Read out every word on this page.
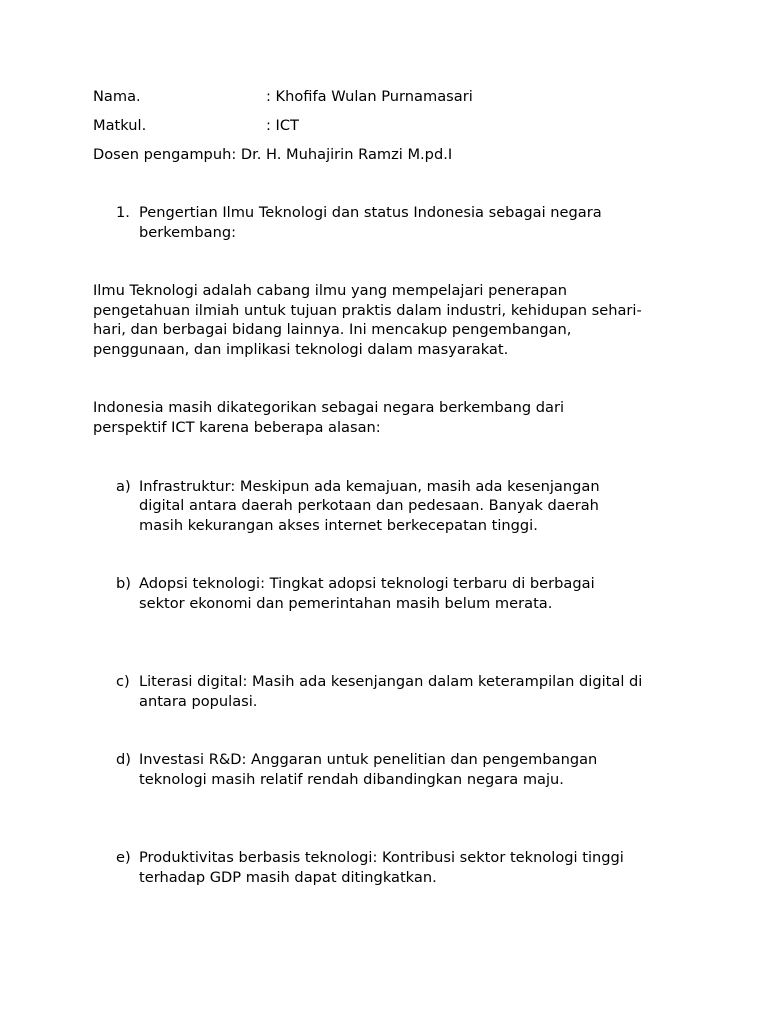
Nama.	: Khofifa Wulan Purnamasari
Matkul.	: ICT
Dosen pengampuh: Dr. H. Muhajirin Ramzi M.pd.I
1. Pengertian Ilmu Teknologi dan status Indonesia sebagai negara
berkembang:
Ilmu Teknologi adalah cabang ilmu yang mempelajari penerapan
pengetahuan ilmiah untuk tujuan praktis dalam industri, kehidupan sehari-
hari, dan berbagai bidang lainnya. Ini mencakup pengembangan,
penggunaan, dan implikasi teknologi dalam masyarakat.
Indonesia masih dikategorikan sebagai negara berkembang dari
perspektif ICT karena beberapa alasan:
a) Infrastruktur: Meskipun ada kemajuan, masih ada kesenjangan
digital antara daerah perkotaan dan pedesaan. Banyak daerah
masih kekurangan akses internet berkecepatan tinggi.
b) Adopsi teknologi: Tingkat adopsi teknologi terbaru di berbagai
sektor ekonomi dan pemerintahan masih belum merata.
c) Literasi digital: Masih ada kesenjangan dalam keterampilan digital di
antara populasi.
d) Investasi R&D: Anggaran untuk penelitian dan pengembangan
teknologi masih relatif rendah dibandingkan negara maju.
e) Produktivitas berbasis teknologi: Kontribusi sektor teknologi tinggi
terhadap GDP masih dapat ditingkatkan.
